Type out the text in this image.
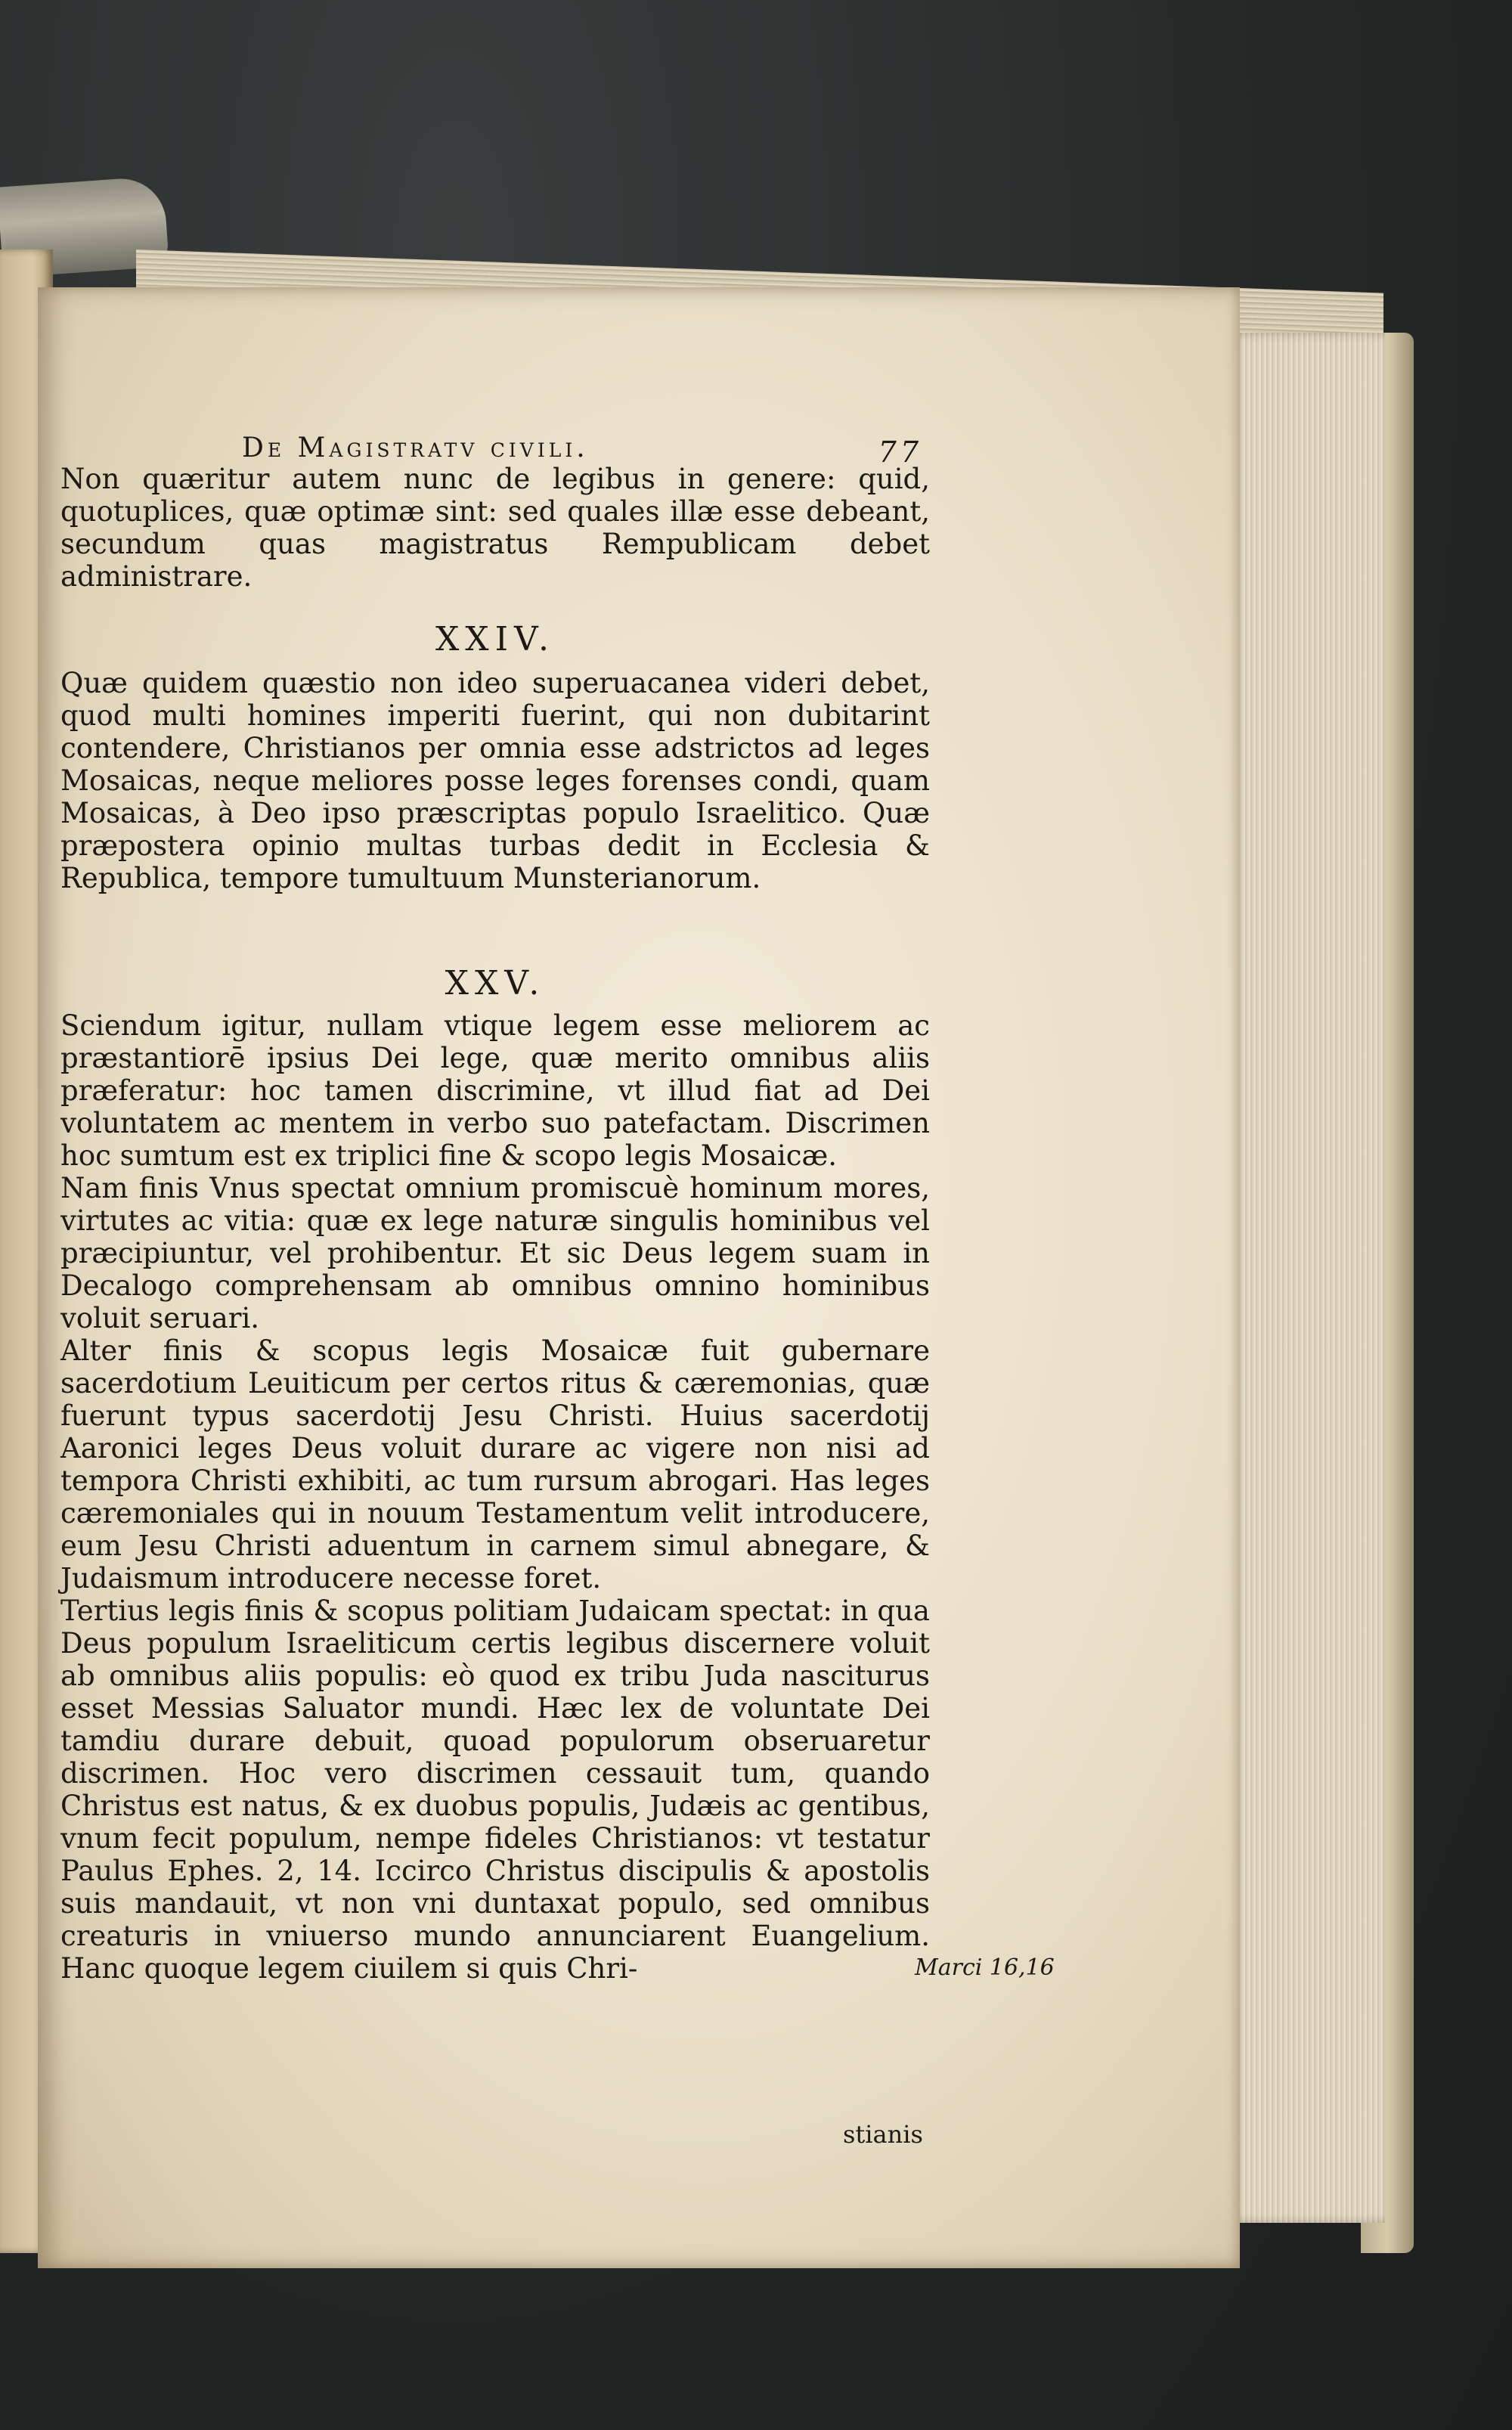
De Magistratv civili.	77

Non quæritur autem nunc de legibus in genere: quid, quotuplices, quæ optimæ sint: sed quales illæ esse debeant, secundum quas magistratus Rempublicam debet administrare.

XXIV.

Quæ quidem quæstio non ideo superuacanea videri debet, quod multi homines imperiti fuerint, qui non dubitarint contendere, Christianos per omnia esse adstrictos ad leges Mosaicas, neque meliores posse leges forenses condi, quam Mosaicas, à Deo ipso præscriptas populo Israelitico. Quæ præpostera opinio multas turbas dedit in Ecclesia & Republica, tempore tumultuum Munsterianorum.

XXV.

Sciendum igitur, nullam vtique legem esse meliorem ac præstantiorē ipsius Dei lege, quæ merito omnibus aliis præferatur: hoc tamen discrimine, vt illud fiat ad Dei voluntatem ac mentem in verbo suo patefactam. Discrimen hoc sumtum est ex triplici fine & scopo legis Mosaicæ.

Nam finis Vnus spectat omnium promiscuè hominum mores, virtutes ac vitia: quæ ex lege naturæ singulis hominibus vel præcipiuntur, vel prohibentur. Et sic Deus legem suam in Decalogo comprehensam ab omnibus omnino hominibus voluit seruari.

Alter finis & scopus legis Mosaicæ fuit gubernare sacerdotium Leuiticum per certos ritus & cæremonias, quæ fuerunt typus sacerdotij Jesu Christi. Huius sacerdotij Aaronici leges Deus voluit durare ac vigere non nisi ad tempora Christi exhibiti, ac tum rursum abrogari. Has leges cæremoniales qui in nouum Testamentum velit introducere, eum Jesu Christi aduentum in carnem simul abnegare, & Judaismum introducere necesse foret.

Tertius legis finis & scopus politiam Judaicam spectat: in qua Deus populum Israeliticum certis legibus discernere voluit ab omnibus aliis populis: eò quod ex tribu Juda nasciturus esset Messias Saluator mundi. Hæc lex de voluntate Dei tamdiu durare debuit, quoad populorum obseruaretur discrimen. Hoc vero discrimen cessauit tum, quando Christus est natus, & ex duobus populis, Judæis ac gentibus, vnum fecit populum, nempe fideles Christianos: vt testatur Paulus Ephes. 2, 14. Iccirco Christus discipulis & apostolis suis mandauit, vt non vni duntaxat populo, sed omnibus creaturis in vniuerso mundo annunciarent Euangelium. Hanc quoque legem ciuilem si quis Chri-	Marci 16,16
stianis
